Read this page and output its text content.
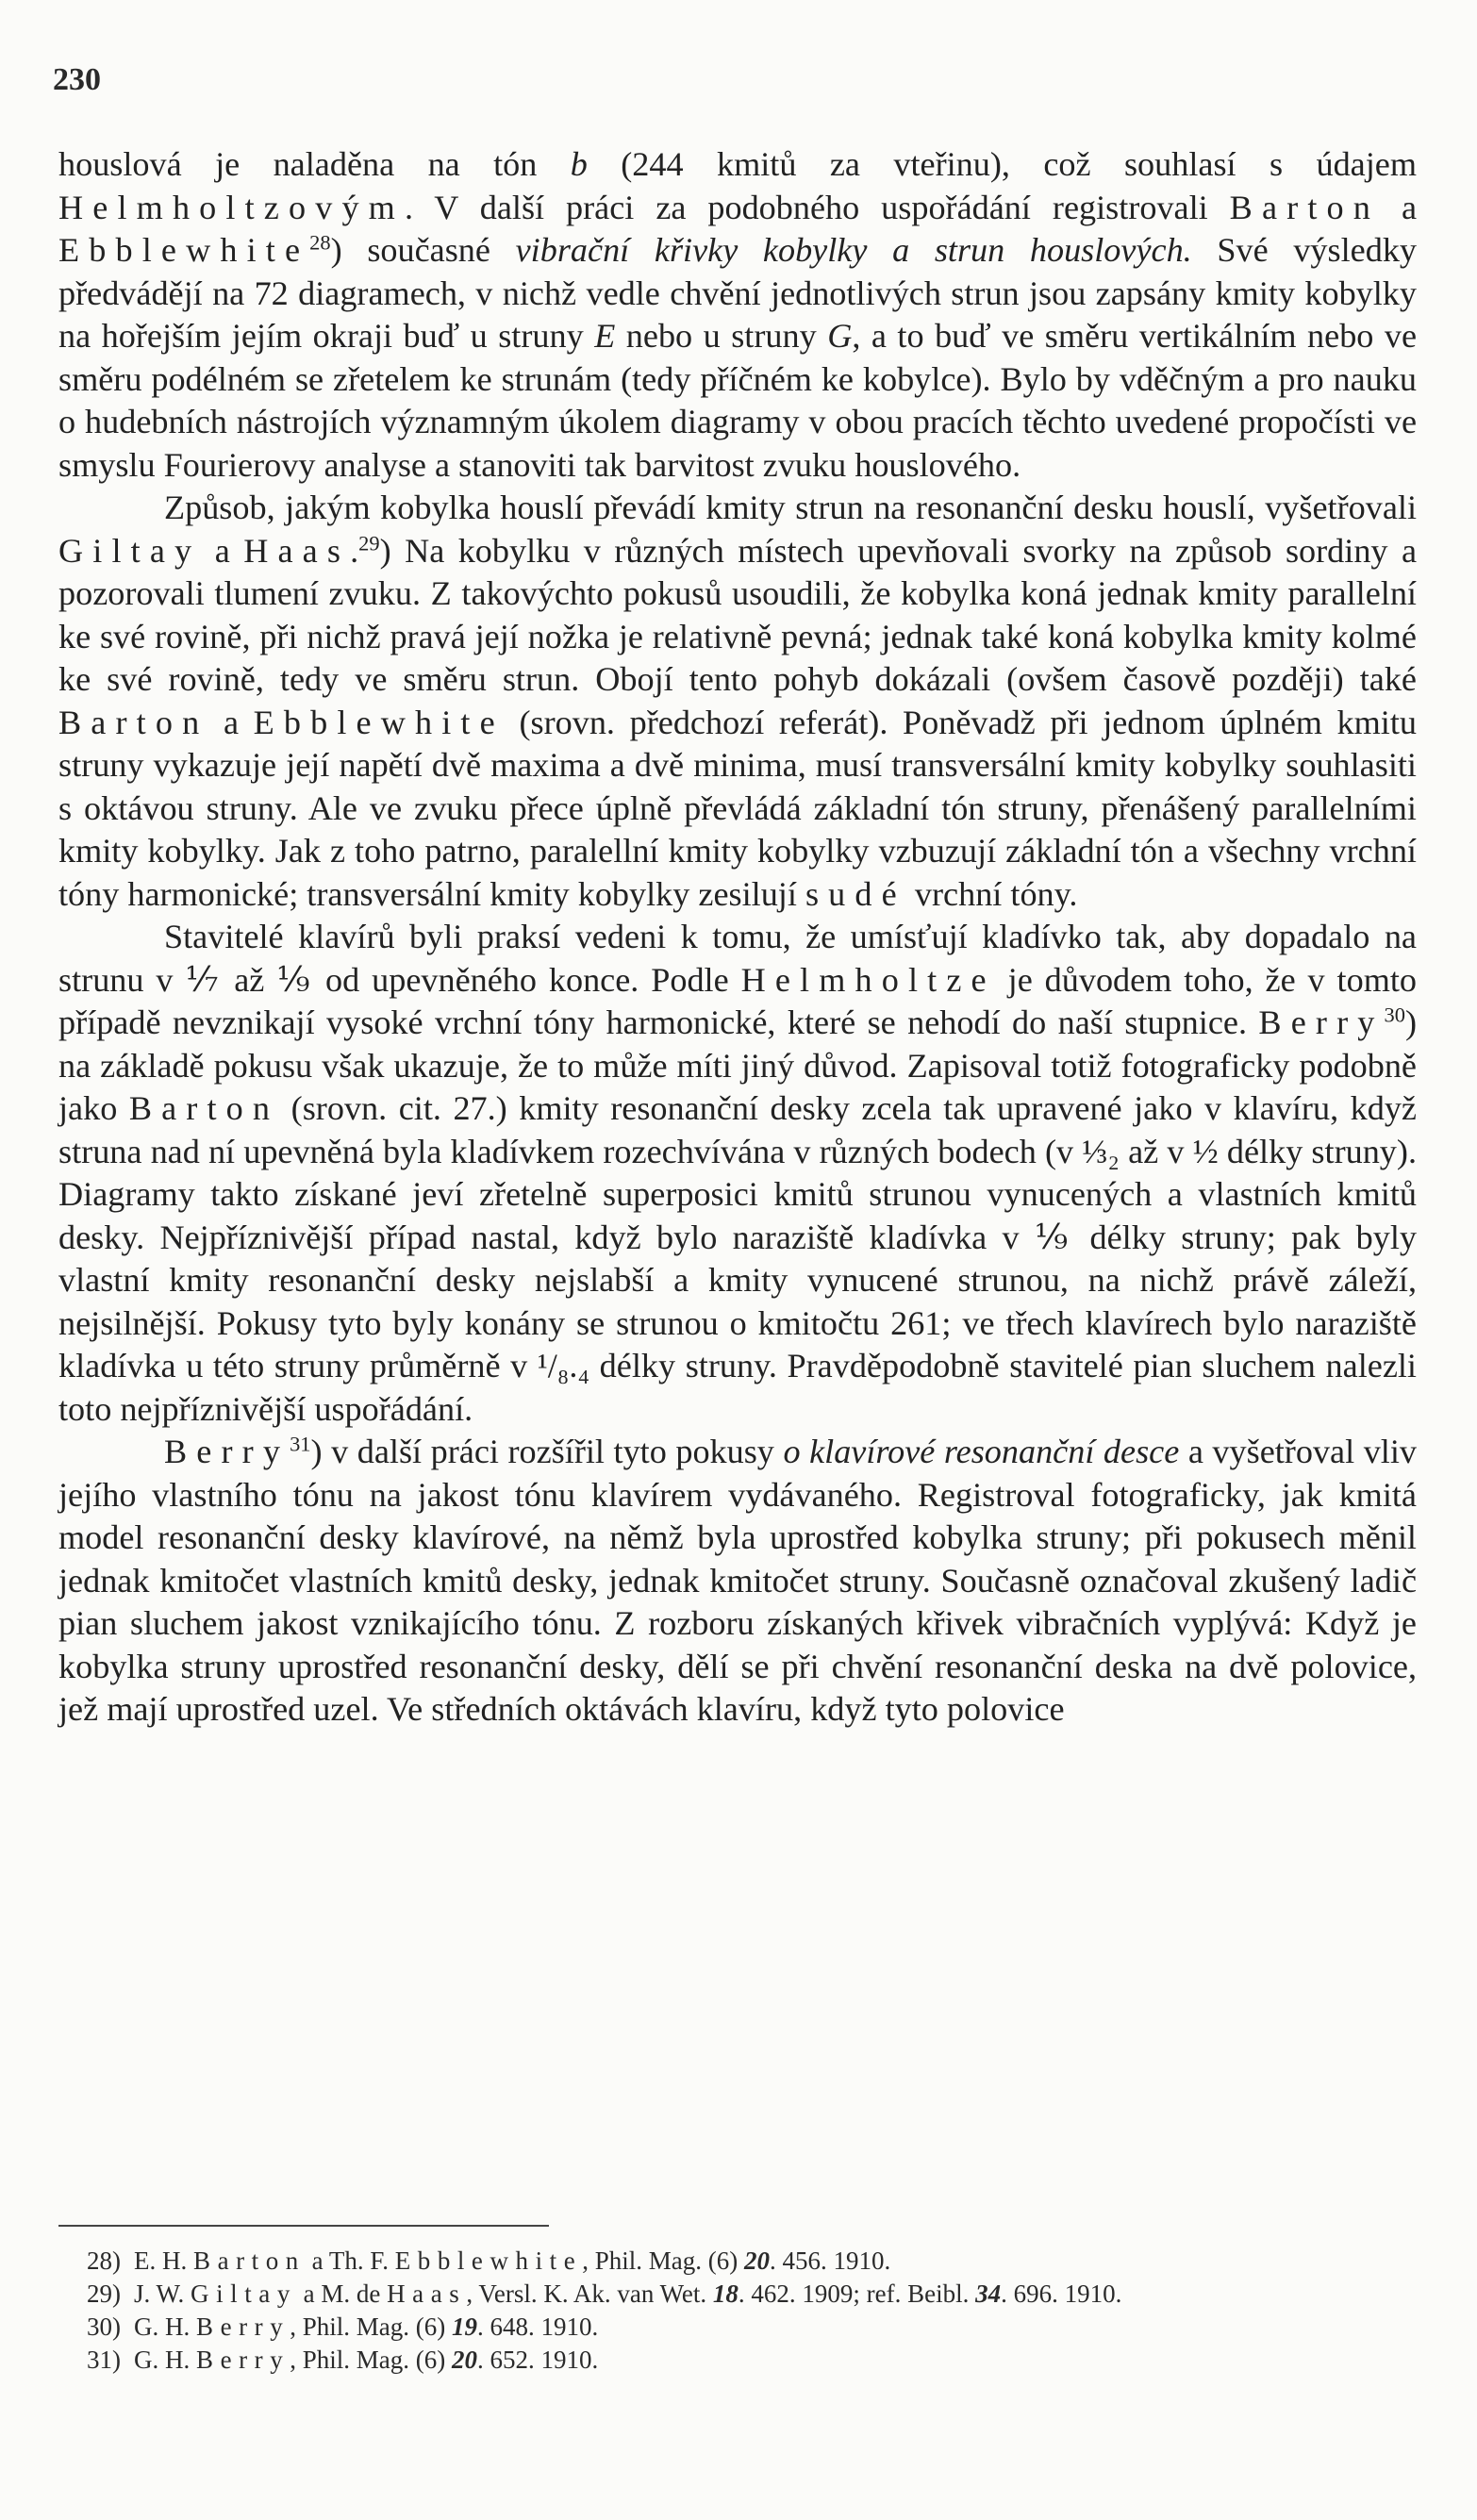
230

houslová je naladěna na tón b (244 kmitů za vteřinu), což souhlasí s údajem Helmholtzovým. V další práci za podobného uspořádání registrovali Barton a Ebblewhite$^{28}$) současné vibrační křivky kobylky a strun houslových. Své výsledky předvádějí na 72 diagramech, v nichž vedle chvění jednotlivých strun jsou zapsány kmity kobylky na hořejším jejím okraji buď u struny E nebo u struny G, a to buď ve směru vertikálním nebo ve směru podélném se zřetelem ke strunám (tedy příčném ke kobylce). Bylo by vděčným a pro nauku o hudebních nástrojích významným úkolem diagramy v obou pracích těchto uvedené propočísti ve smyslu Fourierovy analyse a stanoviti tak barvitost zvuku houslového.

Způsob, jakým kobylka houslí převádí kmity strun na resonanční desku houslí, vyšetřovali Giltay a Haas.$^{29}$) Na kobylku v různých místech upevňovali svorky na způsob sordiny a pozorovali tlumení zvuku. Z takovýchto pokusů usoudili, že kobylka koná jednak kmity parallelní ke své rovině, při nichž pravá její nožka je relativně pevná; jednak také koná kobylka kmity kolmé ke své rovině, tedy ve směru strun. Obojí tento pohyb dokázali (ovšem časově později) také Barton a Ebblewhite (srovn. předchozí referát). Poněvadž při jednom úplném kmitu struny vykazuje její napětí dvě maxima a dvě minima, musí transversální kmity kobylky souhlasiti s oktávou struny. Ale ve zvuku přece úplně převládá základní tón struny, přenášený parallelními kmity kobylky. Jak z toho patrno, paralellní kmity kobylky vzbuzují základní tón a všechny vrchní tóny harmonické; transversální kmity kobylky zesilují sudé vrchní tóny.

Stavitelé klavírů byli praksí vedeni k tomu, že umísťují kladívko tak, aby dopadalo na strunu v ⅐ až ⅑ od upevněného konce. Podle Helmholtze je důvodem toho, že v tomto případě nevznikají vysoké vrchní tóny harmonické, které se nehodí do naší stupnice. Berry$^{30}$) na základě pokusu však ukazuje, že to může míti jiný důvod. Zapisoval totiž fotograficky podobně jako Barton (srovn. cit. 27.) kmity resonanční desky zcela tak upravené jako v klavíru, když struna nad ní upevněná byla kladívkem rozechvívána v různých bodech (v ⅓₂ až v ½ délky struny). Diagramy takto získané jeví zřetelně superposici kmitů strunou vynucených a vlastních kmitů desky. Nejpříznivější případ nastal, když bylo naraziště kladívka v ⅑ délky struny; pak byly vlastní kmity resonanční desky nejslabší a kmity vynucené strunou, na nichž právě záleží, nejsilnější. Pokusy tyto byly konány se strunou o kmitočtu 261; ve třech klavírech bylo naraziště kladívka u této struny průměrně v ¹/₈.₄ délky struny. Pravděpodobně stavitelé pian sluchem nalezli toto nejpříznivější uspořádání.

Berry$^{31}$) v další práci rozšířil tyto pokusy o klavírové resonanční desce a vyšetřoval vliv jejího vlastního tónu na jakost tónu klavírem vydávaného. Registroval fotograficky, jak kmitá model resonanční desky klavírové, na němž byla uprostřed kobylka struny; při pokusech měnil jednak kmitočet vlastních kmitů desky, jednak kmitočet struny. Současně označoval zkušený ladič pian sluchem jakost vznikajícího tónu. Z rozboru získaných křivek vibračních vyplývá: Když je kobylka struny uprostřed resonanční desky, dělí se při chvění resonanční deska na dvě polovice, jež mají uprostřed uzel. Ve středních oktávách klavíru, když tyto polovice

28) E. H. Barton a Th. F. Ebblewhite, Phil. Mag. (6) 20. 456. 1910.

29) J. W. Giltay a M. de Haas, Versl. K. Ak. van Wet. 18. 462. 1909; ref. Beibl. 34. 696. 1910.

30) G. H. Berry, Phil. Mag. (6) 19. 648. 1910.

31) G. H. Berry, Phil. Mag. (6) 20. 652. 1910.
